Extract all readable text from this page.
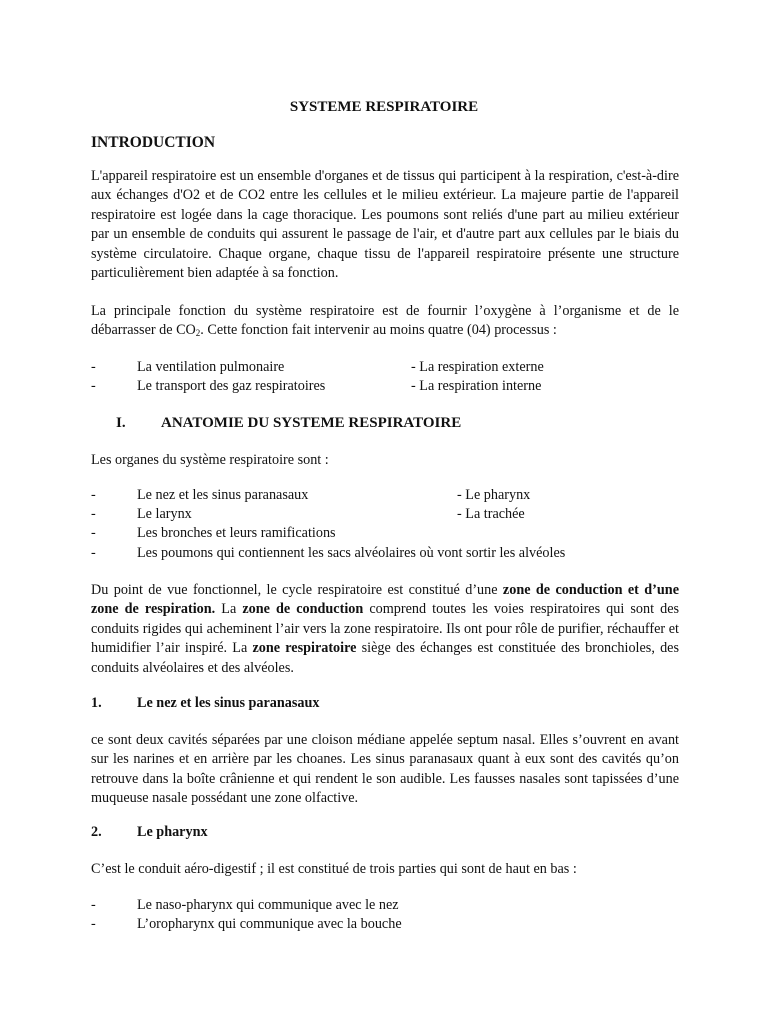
SYSTEME RESPIRATOIRE
INTRODUCTION
L'appareil respiratoire est un ensemble d'organes et de tissus qui participent à la respiration, c'est-à-dire aux échanges d'O2 et de CO2 entre les cellules et le milieu extérieur. La majeure partie de l'appareil respiratoire est logée dans la cage thoracique. Les poumons sont reliés d'une part au milieu extérieur par un ensemble de conduits qui assurent le passage de l'air, et d'autre part aux cellules par le biais du système circulatoire. Chaque organe, chaque tissu de l'appareil respiratoire présente une structure particulièrement bien adaptée à sa fonction.
La principale fonction du système respiratoire est de fournir l’oxygène à l’organisme et de le débarrasser de $CO_2$. Cette fonction fait intervenir au moins quatre (04) processus :
-	La ventilation pulmonaire	- La respiration externe
-	Le transport des gaz respiratoires	- La respiration interne
I. ANATOMIE DU SYSTEME RESPIRATOIRE
Les organes du système respiratoire sont :
-	Le nez et les sinus paranasaux	- Le pharynx
-	Le larynx	- La trachée
-	Les bronches et leurs ramifications
-	Les poumons qui contiennent les sacs alvéolaires où vont sortir les alvéoles
Du point de vue fonctionnel, le cycle respiratoire est constitué d’une zone de conduction et d’une zone de respiration. La zone de conduction comprend toutes les voies respiratoires qui sont des conduits rigides qui acheminent l’air vers la zone respiratoire. Ils ont pour rôle de purifier, réchauffer et humidifier l’air inspiré. La zone respiratoire siège des échanges est constituée des bronchioles, des conduits alvéolaires et des alvéoles.
1. Le nez et les sinus paranasaux
ce sont deux cavités séparées par une cloison médiane appelée septum nasal. Elles s’ouvrent en avant sur les narines et en arrière par les choanes. Les sinus paranasaux quant à eux sont des cavités qu’on retrouve dans la boîte crânienne et qui rendent le son audible. Les fausses nasales sont tapissées d’une muqueuse nasale possédant une zone olfactive.
2. Le pharynx
C’est le conduit aéro-digestif ; il est constitué de trois parties qui sont de haut en bas :
-	Le naso-pharynx qui communique avec le nez
-	L’oropharynx qui communique avec la bouche
